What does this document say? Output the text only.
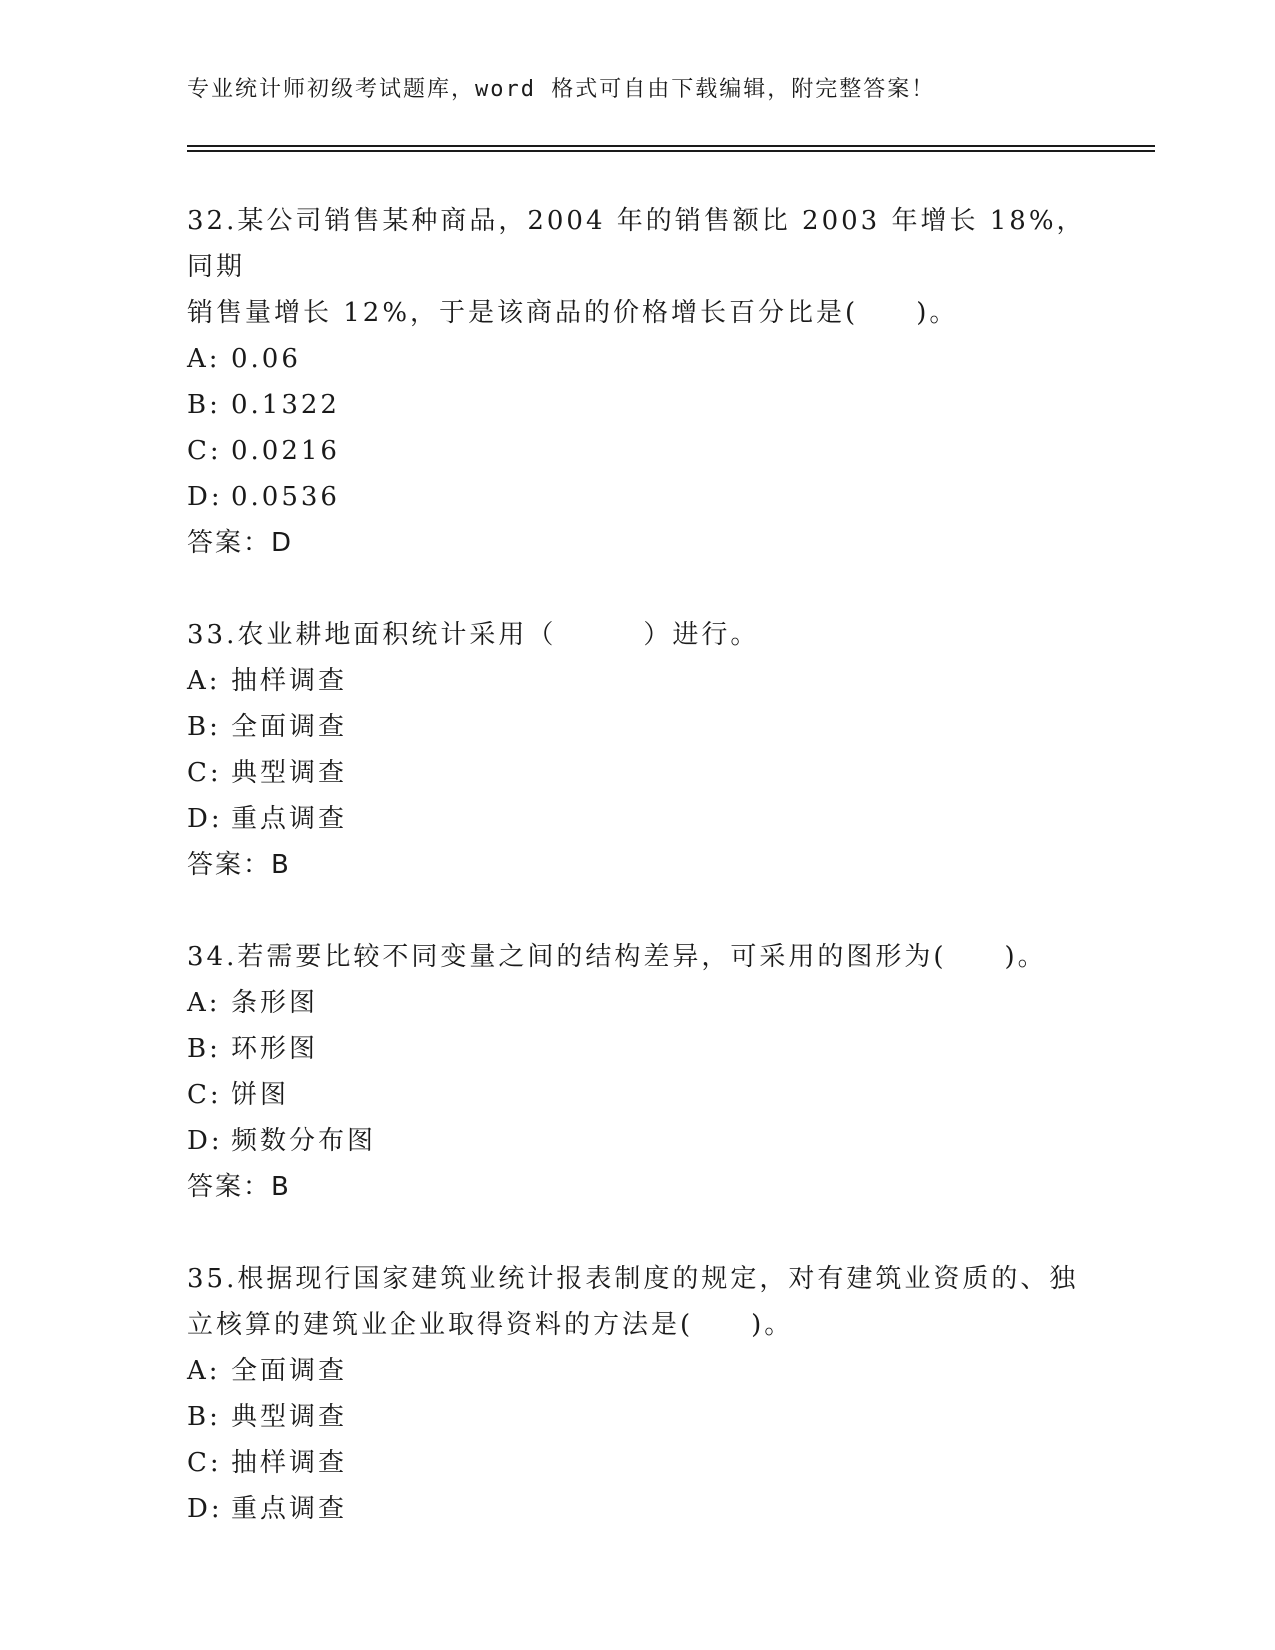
专业统计师初级考试题库，word 格式可自由下载编辑，附完整答案！

32.某公司销售某种商品，2004 年的销售额比 2003 年增长 18%，同期

销售量增长 12%，于是该商品的价格增长百分比是(　　)。

A: 0.06

B: 0.1322

C: 0.0216

D: 0.0536

答案：D

33.农业耕地面积统计采用（　　　）进行。

A: 抽样调查

B: 全面调查

C: 典型调查

D: 重点调查

答案：B

34.若需要比较不同变量之间的结构差异，可采用的图形为(　　)。

A: 条形图

B: 环形图

C: 饼图

D: 频数分布图

答案：B

35.根据现行国家建筑业统计报表制度的规定，对有建筑业资质的、独

立核算的建筑业企业取得资料的方法是(　　)。

A: 全面调查

B: 典型调查

C: 抽样调查

D: 重点调查
